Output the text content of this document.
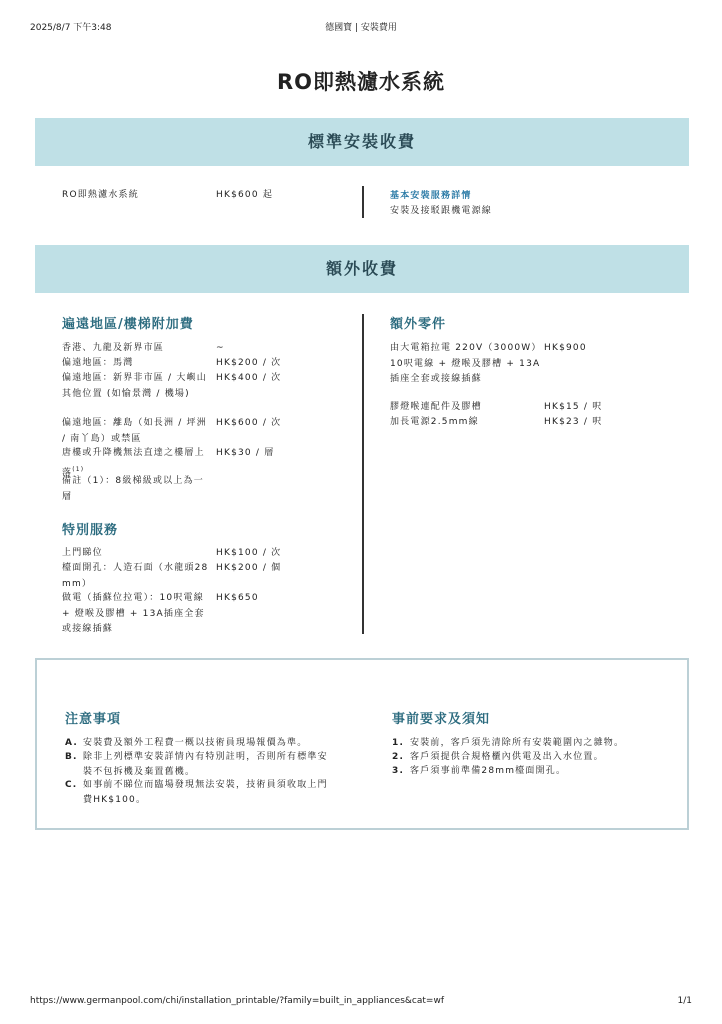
2025/8/7 下午3:48	德國寶 | 安裝費用
RO即熱濾水系統
標準安裝收費
RO即熱濾水系統	HK$600 起	基本安裝服務詳情
安裝及接駁跟機電源線
額外收費
遍遠地區/樓梯附加費
香港、九龍及新界市區	~
偏遠地區：馬灣	HK$200 / 次
偏遠地區：新界非市區 / 大嶼山其他位置 (如愉景灣 / 機場)
HK$400 / 次
偏遠地區：離島（如長洲 / 坪洲 / 南丫島）或禁區
HK$600 / 次
唐樓或升降機無法直達之樓層上落$^{(1)}$
HK$30 / 層
備註（1）：8級梯級或以上為一層
特別服務
上門睇位	HK$100 / 次
檯面開孔：人造石面（水龍頭28 mm）
HK$200 / 個
做電（插蘇位拉電）：10呎電線 + 燈喉及膠槽 + 13A插座全套或接線插蘇
HK$650
額外零件
由大電箱拉電 220V（3000W） 10呎電線 + 燈喉及膠槽 + 13A插座全套或接線插蘇
HK$900
膠燈喉連配件及膠槽	HK$15 / 呎
加長電源2.5mm線	HK$23 / 呎
注意事項
A. 安裝費及額外工程費一概以技術員現場報價為準。
B. 除非上列標準安裝詳情內有特別註明，否則所有標準安裝不包拆機及棄置舊機。
C. 如事前不睇位而臨場發現無法安裝，技術員須收取上門費HK$100。
事前要求及須知
1. 安裝前，客戶須先清除所有安裝範圍內之雜物。
2. 客戶須提供合規格櫃內供電及出入水位置。
3. 客戶須事前準備28mm檯面開孔。
https://www.germanpool.com/chi/installation_printable/?family=built_in_appliances&cat=wf	1/1
